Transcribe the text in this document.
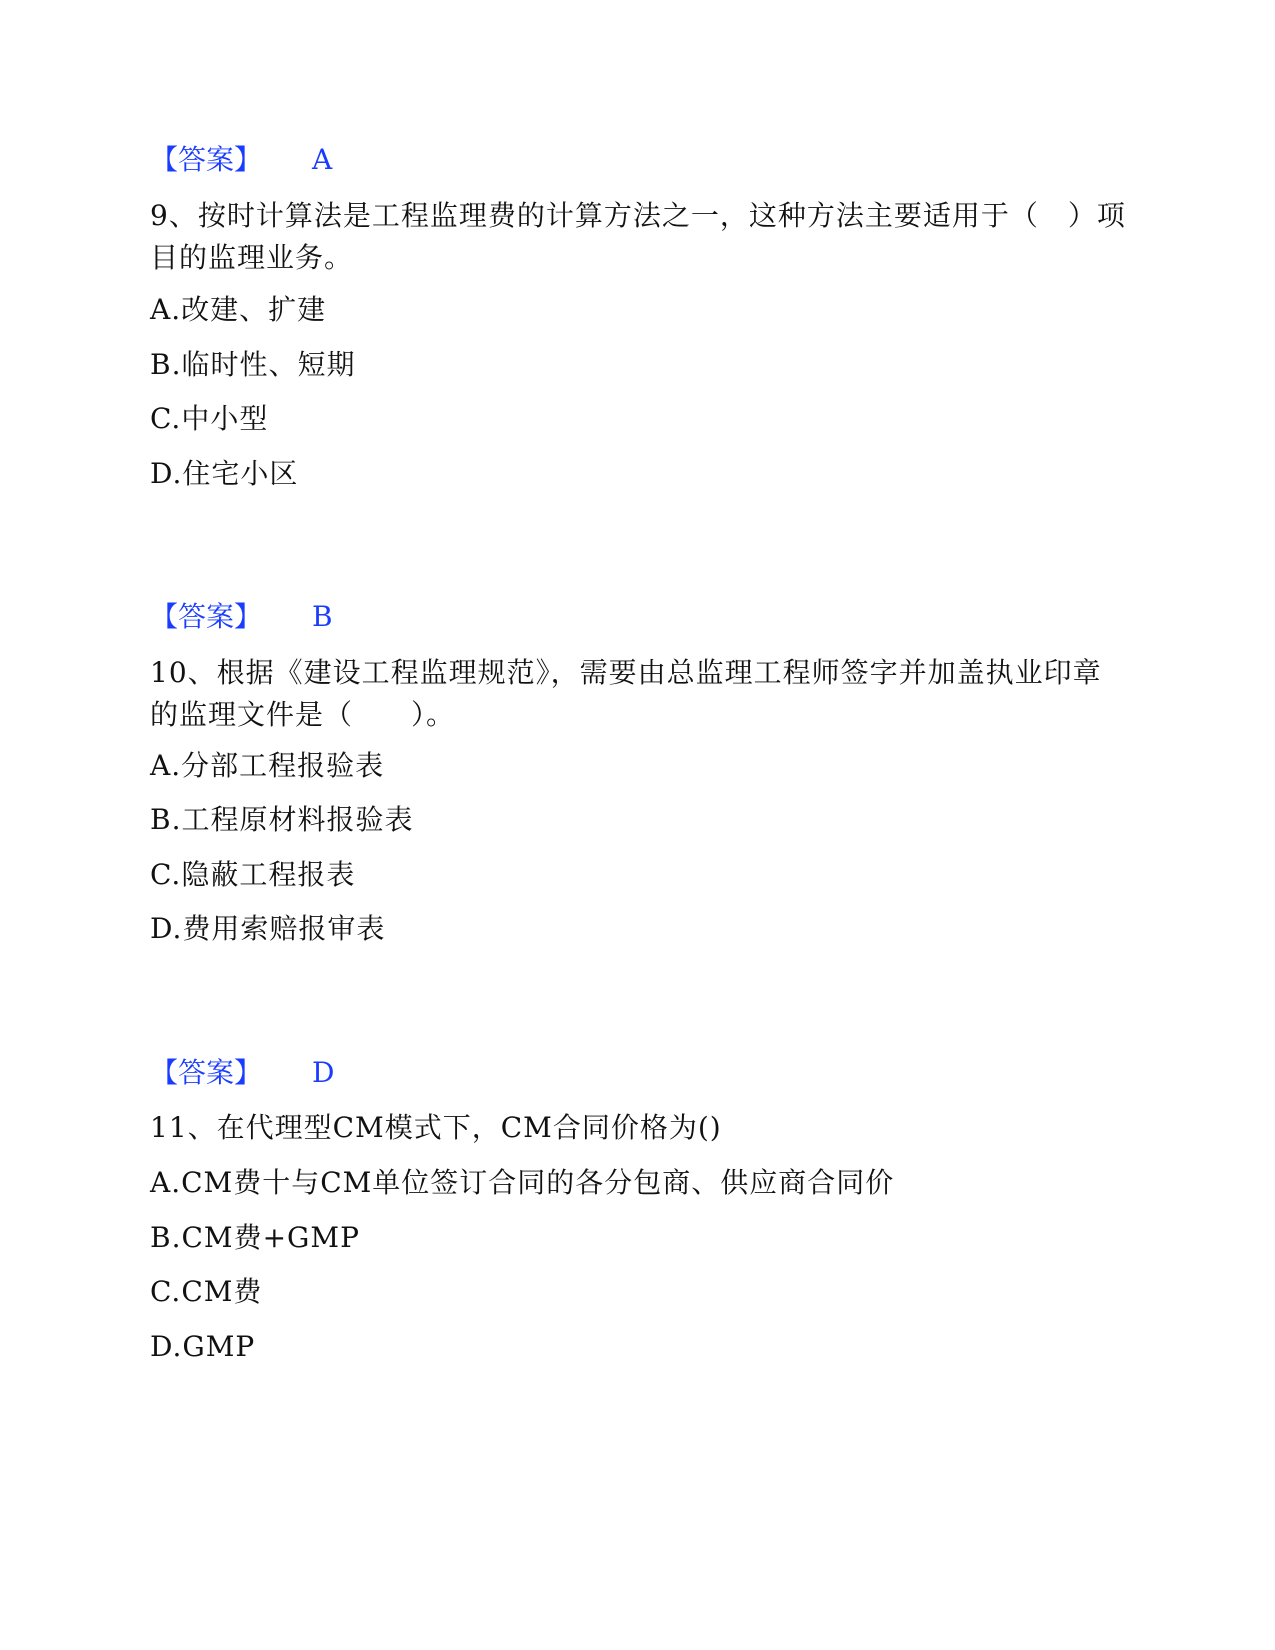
【答案】 A
9、按时计算法是工程监理费的计算方法之一，这种方法主要适用于（　）项目的监理业务。
A.改建、扩建
B.临时性、短期
C.中小型
D.住宅小区
【答案】 B
10、根据《建设工程监理规范》，需要由总监理工程师签字并加盖执业印章的监理文件是（　　）。
A.分部工程报验表
B.工程原材料报验表
C.隐蔽工程报表
D.费用索赔报审表
【答案】 D
11、在代理型CM模式下，CM合同价格为()
A.CM费十与CM单位签订合同的各分包商、供应商合同价
B.CM费+GMP
C.CM费
D.GMP
